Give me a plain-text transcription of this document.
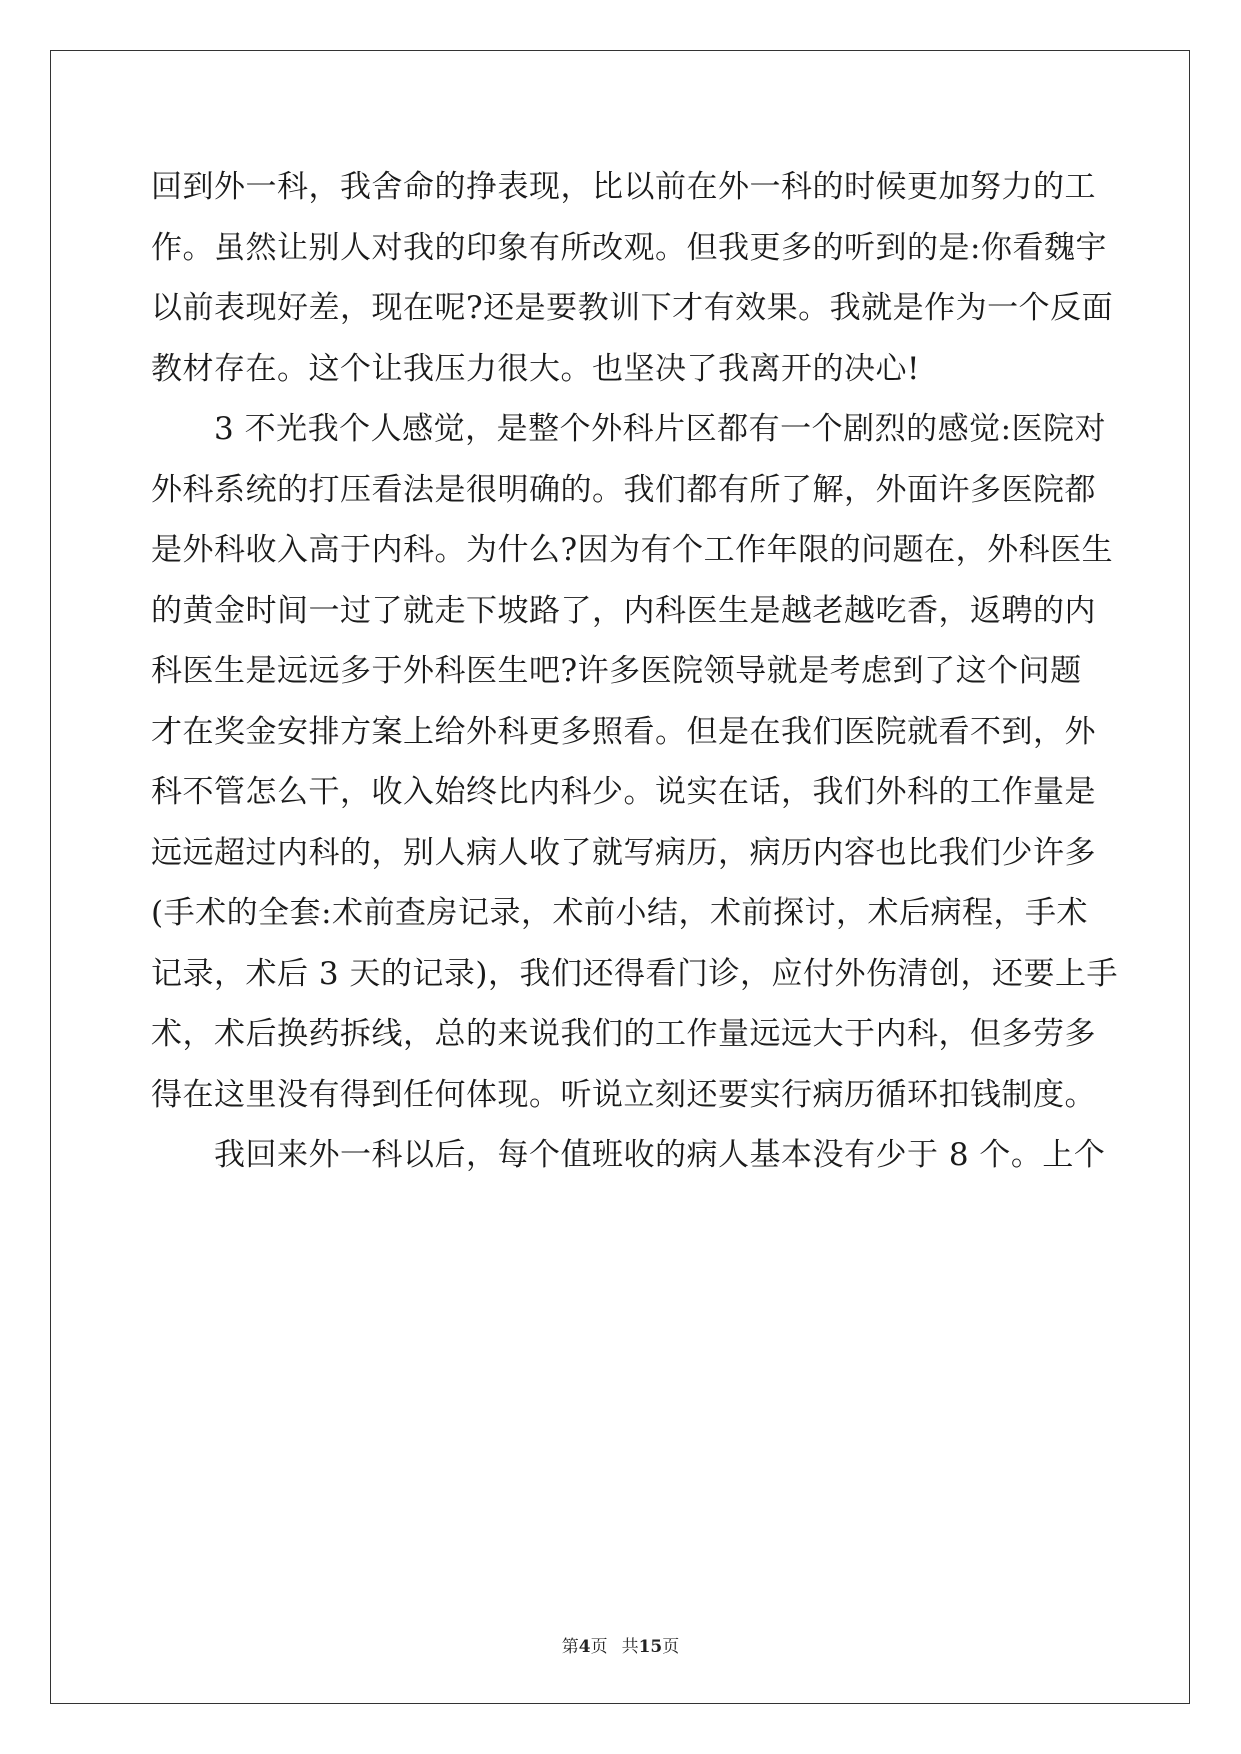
回到外一科，我舍命的挣表现，比以前在外一科的时候更加努力的工
作。虽然让别人对我的印象有所改观。但我更多的听到的是:你看魏宇
以前表现好差，现在呢?还是要教训下才有效果。我就是作为一个反面
教材存在。这个让我压力很大。也坚决了我离开的决心!
　　3 不光我个人感觉，是整个外科片区都有一个剧烈的感觉:医院对
外科系统的打压看法是很明确的。我们都有所了解，外面许多医院都
是外科收入高于内科。为什么?因为有个工作年限的问题在，外科医生
的黄金时间一过了就走下坡路了，内科医生是越老越吃香，返聘的内
科医生是远远多于外科医生吧?许多医院领导就是考虑到了这个问题
才在奖金安排方案上给外科更多照看。但是在我们医院就看不到，外
科不管怎么干，收入始终比内科少。说实在话，我们外科的工作量是
远远超过内科的，别人病人收了就写病历，病历内容也比我们少许多
(手术的全套:术前查房记录，术前小结，术前探讨，术后病程，手术
记录，术后 3 天的记录)，我们还得看门诊，应付外伤清创，还要上手
术，术后换药拆线，总的来说我们的工作量远远大于内科，但多劳多
得在这里没有得到任何体现。听说立刻还要实行病历循环扣钱制度。
　　我回来外一科以后，每个值班收的病人基本没有少于 8 个。上个
第4页 共15页
